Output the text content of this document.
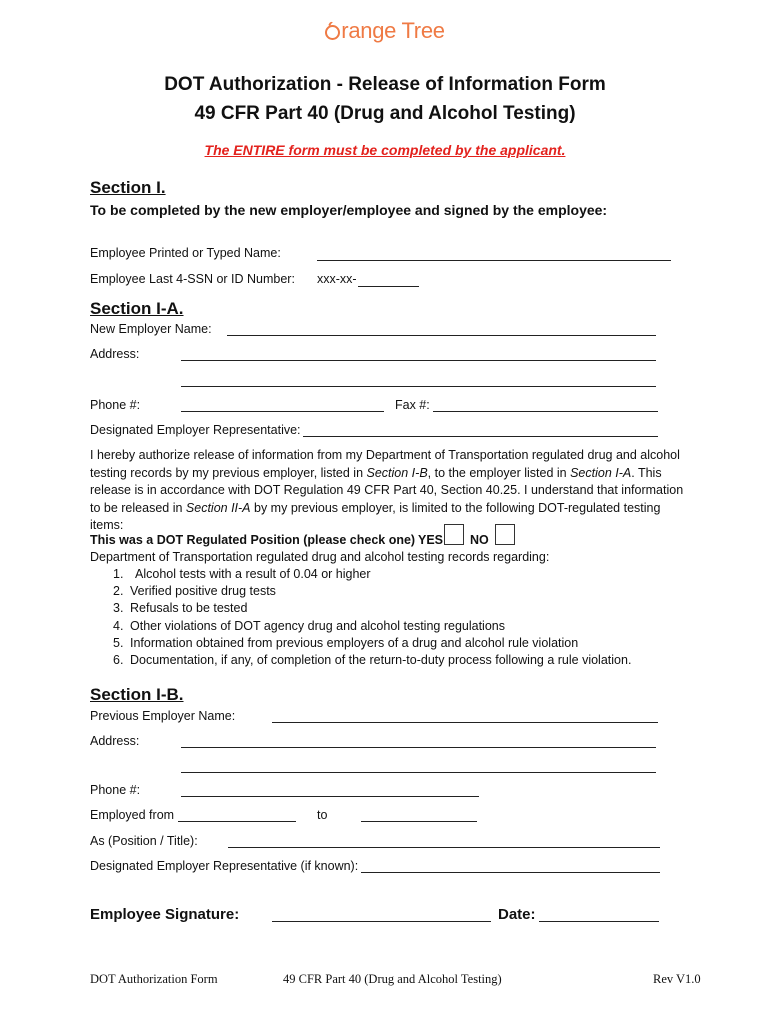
range Tree
DOT Authorization - Release of Information Form
49 CFR Part 40 (Drug and Alcohol Testing)
The ENTIRE form must be completed by the applicant.
Section I.
To be completed by the new employer/employee and signed by the employee:
Employee Printed or Typed Name:
Employee Last 4-SSN or ID Number: xxx-xx-
Section I-A.
New Employer Name:
Address:
Phone #:	Fax #:
Designated Employer Representative:
I hereby authorize release of information from my Department of Transportation regulated drug and alcohol testing records by my previous employer, listed in Section I-B, to the employer listed in Section I-A. This release is in accordance with DOT Regulation 49 CFR Part 40, Section 40.25. I understand that information to be released in Section II-A by my previous employer, is limited to the following DOT-regulated testing items:
This was a DOT Regulated Position (please check one) YES NO
Department of Transportation regulated drug and alcohol testing records regarding:
1. Alcohol tests with a result of 0.04 or higher
2. Verified positive drug tests
3. Refusals to be tested
4. Other violations of DOT agency drug and alcohol testing regulations
5. Information obtained from previous employers of a drug and alcohol rule violation
6. Documentation, if any, of completion of the return-to-duty process following a rule violation.
Section I-B.
Previous Employer Name:
Address:
Phone #:
Employed from	to
As (Position / Title):
Designated Employer Representative (if known):
Employee Signature:	Date:
DOT Authorization Form	49 CFR Part 40 (Drug and Alcohol Testing)	Rev V1.0
